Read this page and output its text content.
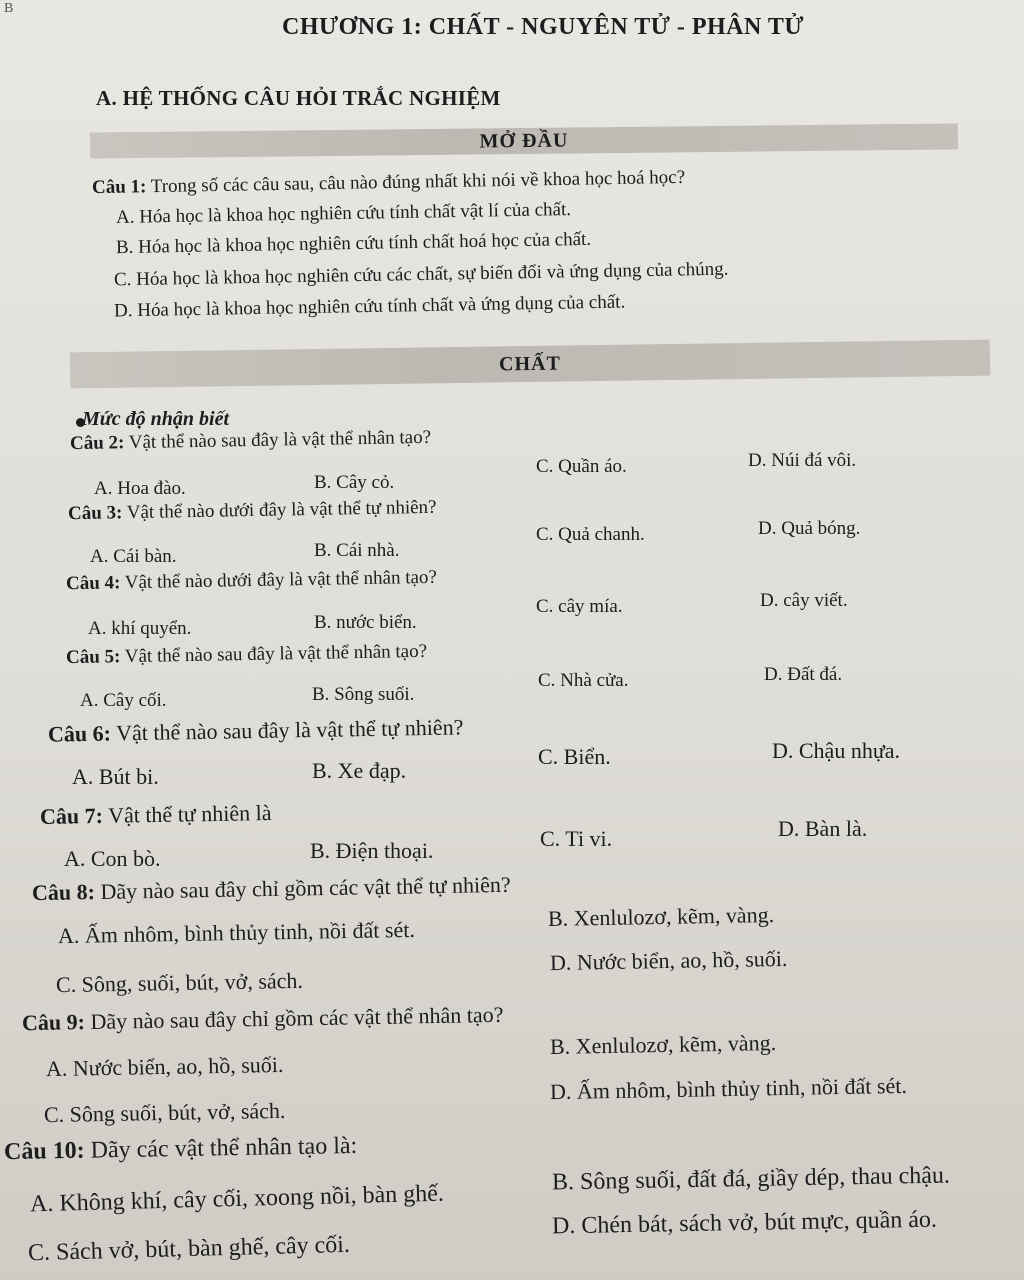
B
CHƯƠNG 1: CHẤT - NGUYÊN TỬ - PHÂN TỬ
A. HỆ THỐNG CÂU HỎI TRẮC NGHIỆM
MỞ ĐẦU
Câu 1: Trong số các câu sau, câu nào đúng nhất khi nói về khoa học hoá học?
A. Hóa học là khoa học nghiên cứu tính chất vật lí của chất.
B. Hóa học là khoa học nghiên cứu tính chất hoá học của chất.
C. Hóa học là khoa học nghiên cứu các chất, sự biến đổi và ứng dụng của chúng.
D. Hóa học là khoa học nghiên cứu tính chất và ứng dụng của chất.
CHẤT
Mức độ nhận biết
Câu 2: Vật thể nào sau đây là vật thể nhân tạo?
A. Hoa đào.	B. Cây cỏ.
C. Quần áo.	D. Núi đá vôi.
Câu 3: Vật thể nào dưới đây là vật thể tự nhiên?
A. Cái bàn.	B. Cái nhà.
C. Quả chanh.	D. Quả bóng.
Câu 4: Vật thể nào dưới đây là vật thể nhân tạo?
A. khí quyển.	B. nước biển.
C. cây mía.	D. cây viết.
Câu 5: Vật thể nào sau đây là vật thể nhân tạo?
A. Cây cối.	B. Sông suối.
C. Nhà cửa.	D. Đất đá.
Câu 6: Vật thể nào sau đây là vật thể tự nhiên?
A. Bút bi.	B. Xe đạp.
C. Biển.	D. Chậu nhựa.
Câu 7: Vật thể tự nhiên là
A. Con bò.	B. Điện thoại.	C. Ti vi.	D. Bàn là.
Câu 8: Dãy nào sau đây chỉ gồm các vật thể tự nhiên?
A. Ấm nhôm, bình thủy tinh, nồi đất sét.
B. Xenlulozơ, kẽm, vàng.
C. Sông, suối, bút, vở, sách.
D. Nước biển, ao, hồ, suối.
Câu 9: Dãy nào sau đây chỉ gồm các vật thể nhân tạo?
A. Nước biển, ao, hồ, suối.
B. Xenlulozơ, kẽm, vàng.
C. Sông suối, bút, vở, sách.
D. Ấm nhôm, bình thủy tinh, nồi đất sét.
Câu 10: Dãy các vật thể nhân tạo là:
A. Không khí, cây cối, xoong nồi, bàn ghế.
B. Sông suối, đất đá, giầy dép, thau chậu.
C. Sách vở, bút, bàn ghế, cây cối.
D. Chén bát, sách vở, bút mực, quần áo.
